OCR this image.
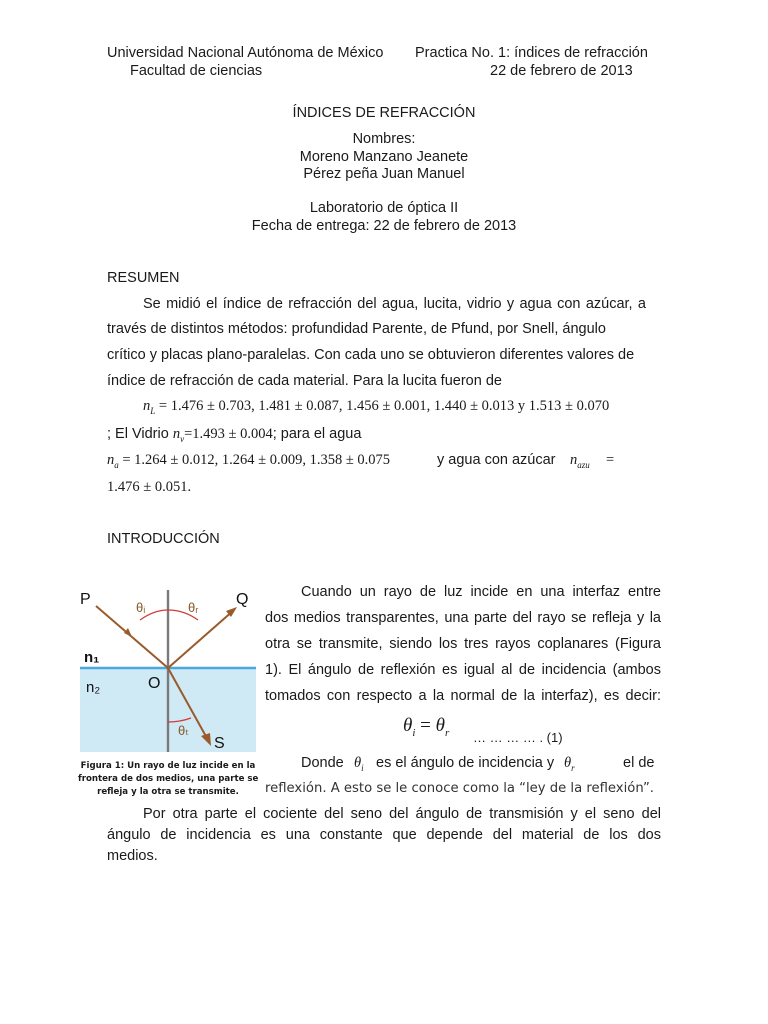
Universidad Nacional Autónoma de México Practica No. 1: índices de refracción
Facultad de ciencias	22 de febrero de 2013
ÍNDICES DE REFRACCIÓN
Nombres:
Moreno Manzano Jeanete
Pérez peña Juan Manuel
Laboratorio de óptica II
Fecha de entrega: 22 de febrero de 2013
RESUMEN
Se midió el índice de refracción del agua, lucita, vidrio y agua con azúcar, a
través de distintos métodos: profundidad Parente, de Pfund, por Snell, ángulo
crítico y placas plano-paralelas. Con cada uno se obtuvieron diferentes valores de
índice de refracción de cada material. Para la lucita fueron de
$n_L = 1.476 \pm 0.703$, 1.481 ± 0.087, 1.456 ± 0.001, 1.440 ± 0.013 y 1.513 ± 0.070
; El Vidrio $n_v=1.493 \pm 0.004$; para el agua
$n_a = 1.264 \pm 0.012$, 1.264 ± 0.009, 1.358 ± 0.075	y agua con azúcar $n_{azu}$ =
1.476 ± 0.051.
INTRODUCCIÓN
P	Q
O
S
n₁
n₂
θᵢ	θᵣ
θₜ
Figura 1: Un rayo de luz incide en la
frontera de dos medios, una parte se
refleja y la otra se transmite.
Cuando un rayo de luz incide en una interfaz entre
dos medios transparentes, una parte del rayo se refleja y la
otra se transmite, siendo los tres rayos coplanares (Figura
1). El ángulo de reflexión es igual al de incidencia (ambos
tomados con respecto a la normal de la interfaz), es decir:
$\theta_i = \theta_r$ … … … … . (1)
Donde $\theta_i$ es el ángulo de incidencia y $\theta_r$	el de
reflexión. A esto se le conoce como la “ley de la reflexión”.
Por otra parte el cociente del seno del ángulo de transmisión y el seno del
ángulo de incidencia es una constante que depende del material de los dos
medios.
